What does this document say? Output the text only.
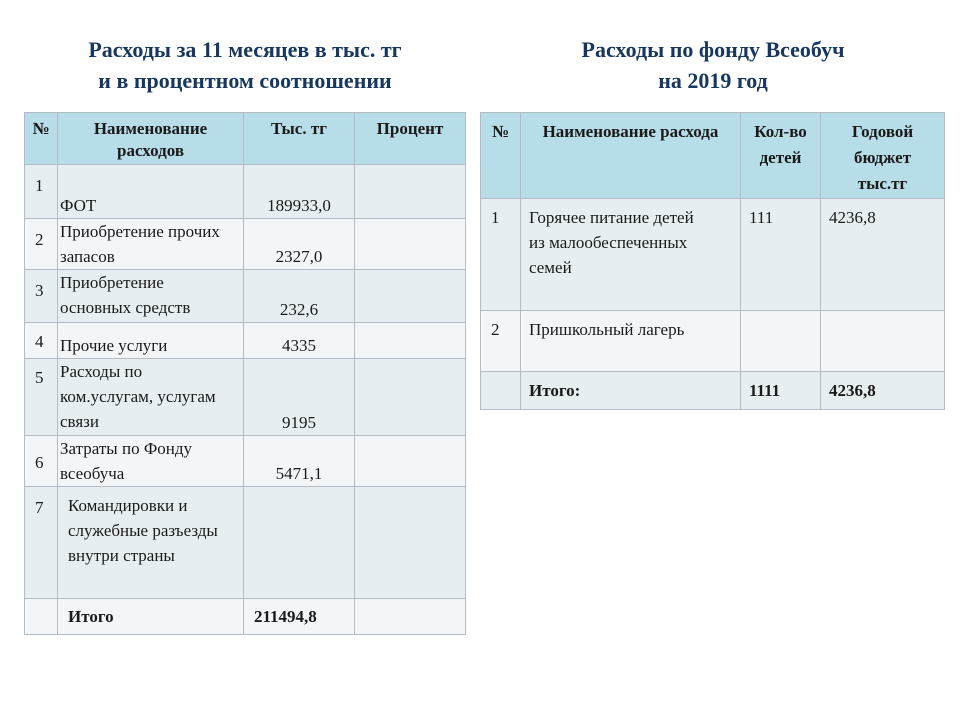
Расходы за 11 месяцев в тыс. тг
и в процентном соотношении
Расходы по фонду Всеобуч
на 2019 год
№	Наименование расходов	Тыс. тг	Процент
1	ФОТ	189933,0	
2	Приобретение прочих запасов	2327,0	
3	Приобретение основных средств	232,6	
4	Прочие услуги	4335	
5	Расходы по ком.услугам, услугам связи	9195	
6	Затраты по Фонду всеобуча	5471,1	
7	Командировки и служебные разъезды внутри страны		
	Итого	211494,8	
№	Наименование расхода	Кол-во детей	Годовой бюджет тыс.тг
1	Горячее питание детей из малообеспеченных семей	111	4236,8
2	Пришкольный лагерь		
	Итого:	1111	4236,8
